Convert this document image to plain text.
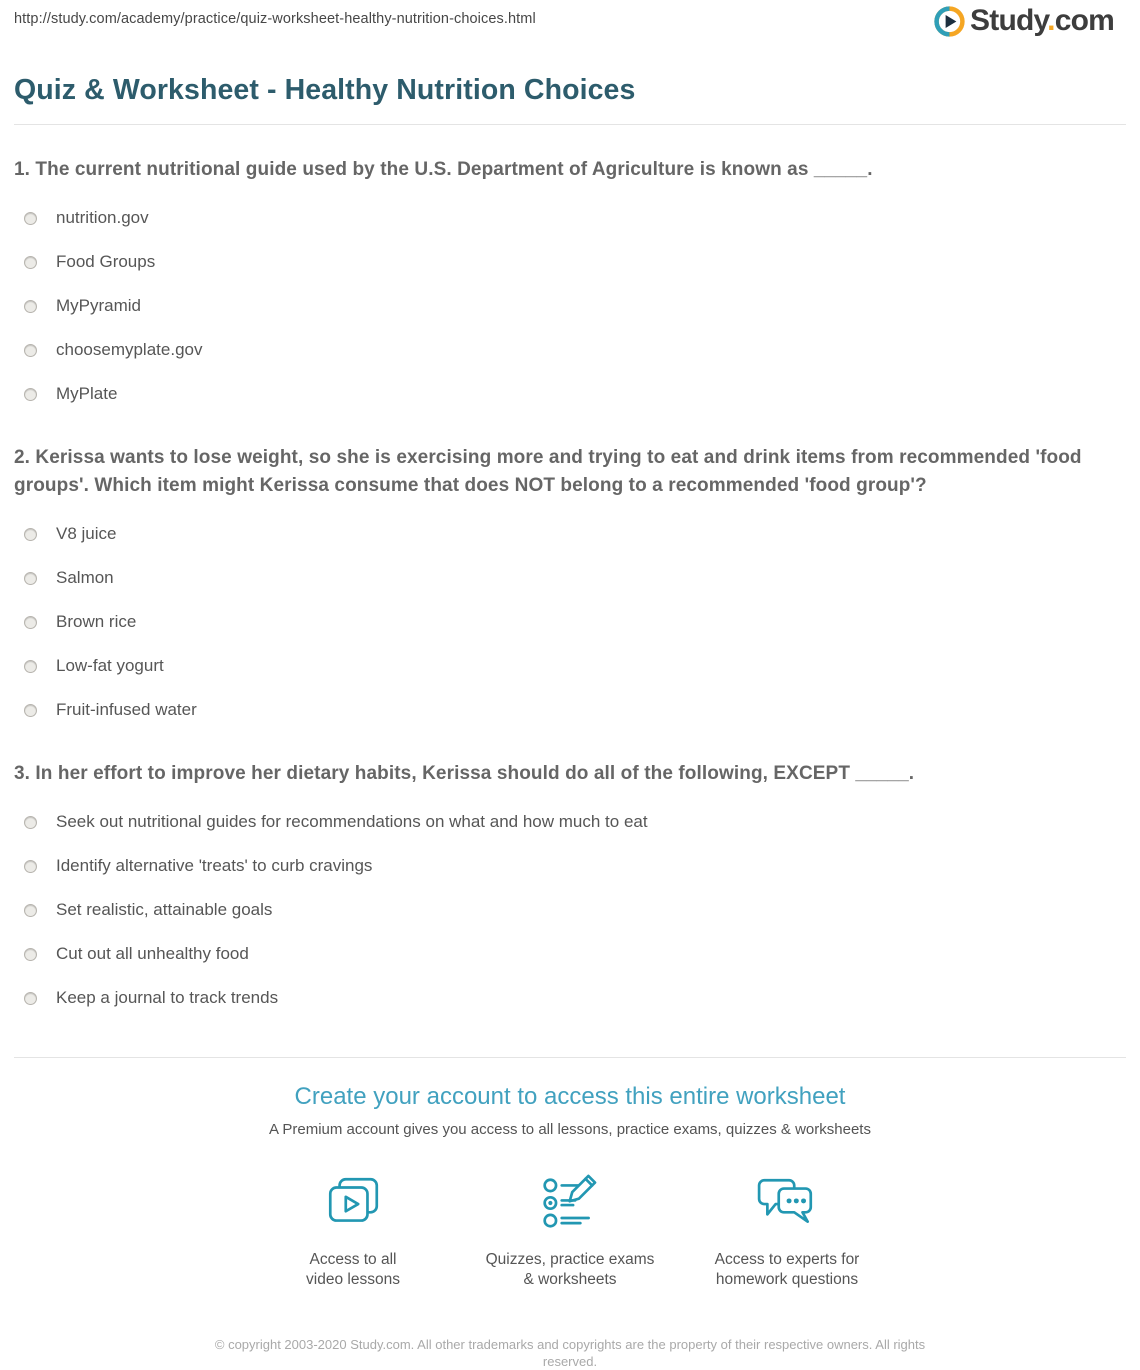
http://study.com/academy/practice/quiz-worksheet-healthy-nutrition-choices.html	Study.com
Quiz & Worksheet - Healthy Nutrition Choices
1. The current nutritional guide used by the U.S. Department of Agriculture is known as _____.
nutrition.gov
Food Groups
MyPyramid
choosemyplate.gov
MyPlate
2. Kerissa wants to lose weight, so she is exercising more and trying to eat and drink items from recommended 'food groups'. Which item might Kerissa consume that does NOT belong to a recommended 'food group'?
V8 juice
Salmon
Brown rice
Low-fat yogurt
Fruit-infused water
3. In her effort to improve her dietary habits, Kerissa should do all of the following, EXCEPT _____.
Seek out nutritional guides for recommendations on what and how much to eat
Identify alternative 'treats' to curb cravings
Set realistic, attainable goals
Cut out all unhealthy food
Keep a journal to track trends
Create your account to access this entire worksheet

A Premium account gives you access to all lessons, practice exams, quizzes & worksheets

Access to all
video lessons
Quizzes, practice exams
& worksheets
Access to experts for
homework questions

© copyright 2003-2020 Study.com. All other trademarks and copyrights are the property of their respective owners. All rights reserved.
